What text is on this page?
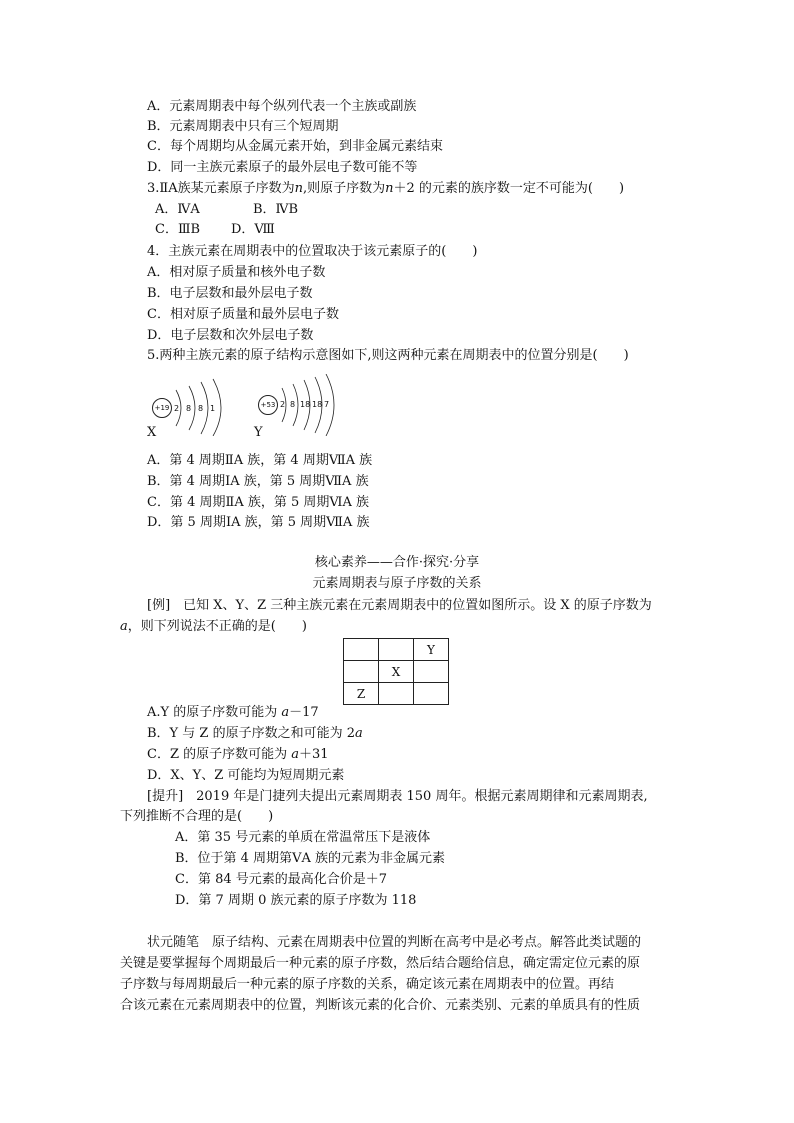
A．元素周期表中每个纵列代表一个主族或副族
B．元素周期表中只有三个短周期
C．每个周期均从金属元素开始，到非金属元素结束
D．同一主族元素原子的最外层电子数可能不等
3.ⅡA族某元素原子序数为n,则原子序数为n＋2 的元素的族序数一定不可能为(　　)
A．ⅣA	B．ⅣB
C．ⅢB D．Ⅷ
4．主族元素在周期表中的位置取决于该元素原子的(　　)
A．相对原子质量和核外电子数
B．电子层数和最外层电子数
C．相对原子质量和最外层电子数
D．电子层数和次外层电子数
5.两种主族元素的原子结构示意图如下,则这两种元素在周期表中的位置分别是(　　)
+19 2 8 8 1
X
+53 2 8 18 18 7
Y
A．第 4 周期ⅡA 族，第 4 周期ⅦA 族
B．第 4 周期ⅠA 族，第 5 周期ⅦA 族
C．第 4 周期ⅡA 族，第 5 周期ⅥA 族
D．第 5 周期ⅠA 族，第 5 周期ⅦA 族
核心素养——合作·探究·分享
元素周期表与原子序数的关系
[例]　已知 X、Y、Z 三种主族元素在元素周期表中的位置如图所示。设 X 的原子序数为
a，则下列说法不正确的是(　　)
		Y
	X	
Z		
A.Y 的原子序数可能为 a－17
B．Y 与 Z 的原子序数之和可能为 2a
C．Z 的原子序数可能为 a＋31
D．X、Y、Z 可能均为短周期元素
[提升]　2019 年是门捷列夫提出元素周期表 150 周年。根据元素周期律和元素周期表,
下列推断不合理的是(　　)
A．第 35 号元素的单质在常温常压下是液体
B．位于第 4 周期第ⅤA 族的元素为非金属元素
C．第 84 号元素的最高化合价是＋7
D．第 7 周期 0 族元素的原子序数为 118
状元随笔　原子结构、元素在周期表中位置的判断在高考中是必考点。解答此类试题的
关键是要掌握每个周期最后一种元素的原子序数，然后结合题给信息，确定需定位元素的原
子序数与每周期最后一种元素的原子序数的关系，确定该元素在周期表中的位置。再结
合该元素在元素周期表中的位置，判断该元素的化合价、元素类别、元素的单质具有的性质
